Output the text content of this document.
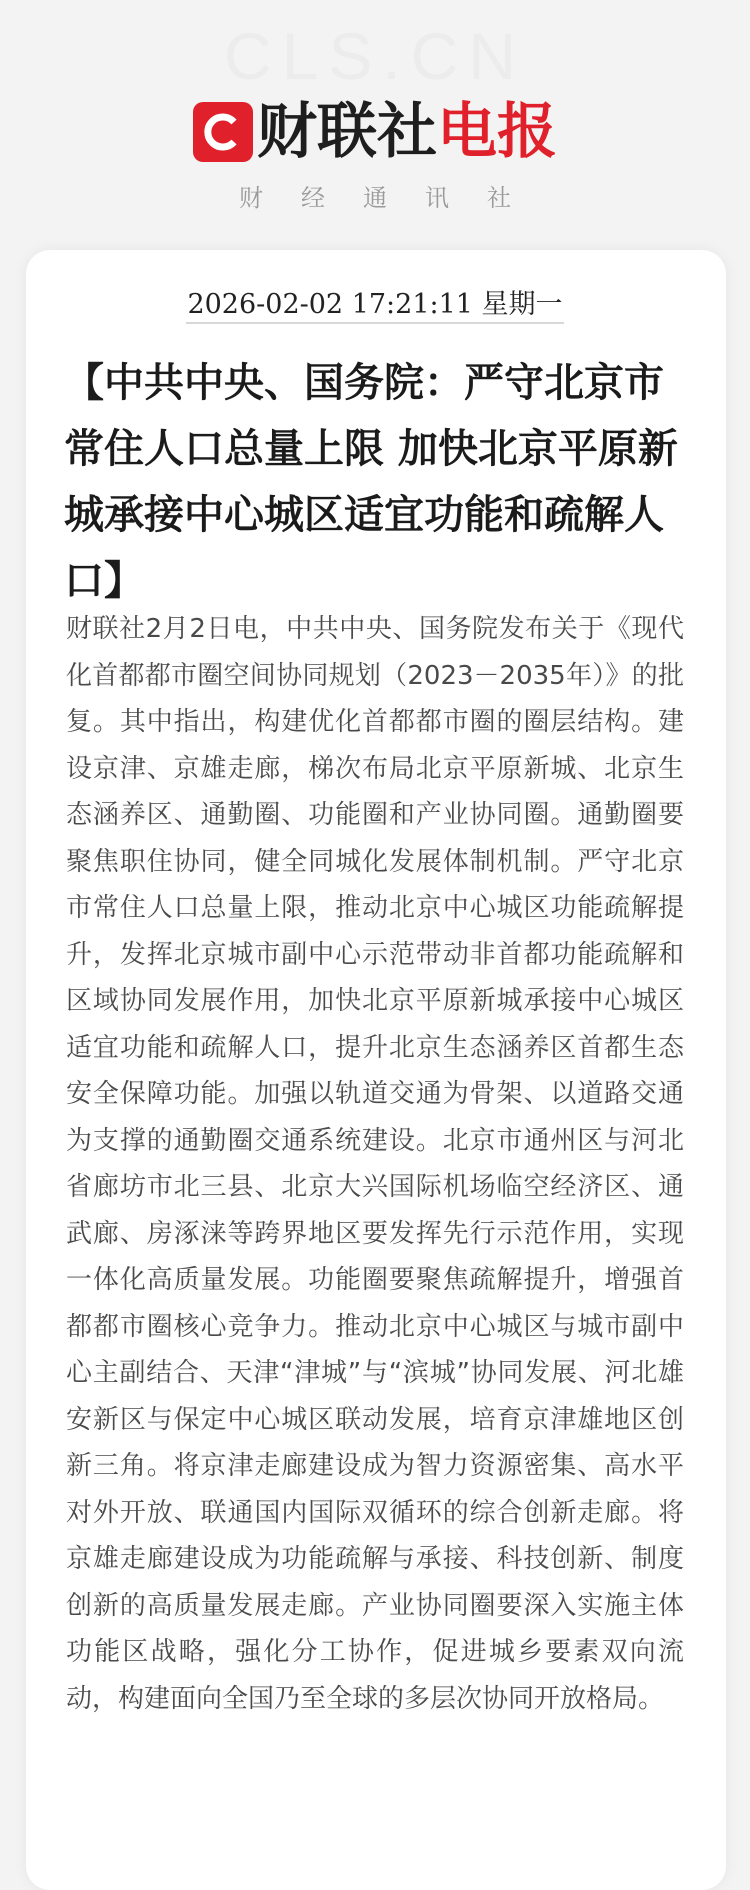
CLS.CN
财联社 电报
财经通讯社
2026-02-02 17:21:11 星期一
【中共中央、国务院：严守北京市常住人口总量上限 加快北京平原新城承接中心城区适宜功能和疏解人口】

财联社2月2日电，中共中央、国务院发布关于《现代化首都都市圈空间协同规划（2023－2035年）》的批复。其中指出，构建优化首都都市圈的圈层结构。建设京津、京雄走廊，梯次布局北京平原新城、北京生态涵养区、通勤圈、功能圈和产业协同圈。通勤圈要聚焦职住协同，健全同城化发展体制机制。严守北京市常住人口总量上限，推动北京中心城区功能疏解提升，发挥北京城市副中心示范带动非首都功能疏解和区域协同发展作用，加快北京平原新城承接中心城区适宜功能和疏解人口，提升北京生态涵养区首都生态安全保障功能。加强以轨道交通为骨架、以道路交通为支撑的通勤圈交通系统建设。北京市通州区与河北省廊坊市北三县、北京大兴国际机场临空经济区、通武廊、房涿涞等跨界地区要发挥先行示范作用，实现一体化高质量发展。功能圈要聚焦疏解提升，增强首都都市圈核心竞争力。推动北京中心城区与城市副中心主副结合、天津“津城”与“滨城”协同发展、河北雄安新区与保定中心城区联动发展，培育京津雄地区创新三角。将京津走廊建设成为智力资源密集、高水平对外开放、联通国内国际双循环的综合创新走廊。将京雄走廊建设成为功能疏解与承接、科技创新、制度创新的高质量发展走廊。产业协同圈要深入实施主体功能区战略，强化分工协作，促进城乡要素双向流动，构建面向全国乃至全球的多层次协同开放格局。
